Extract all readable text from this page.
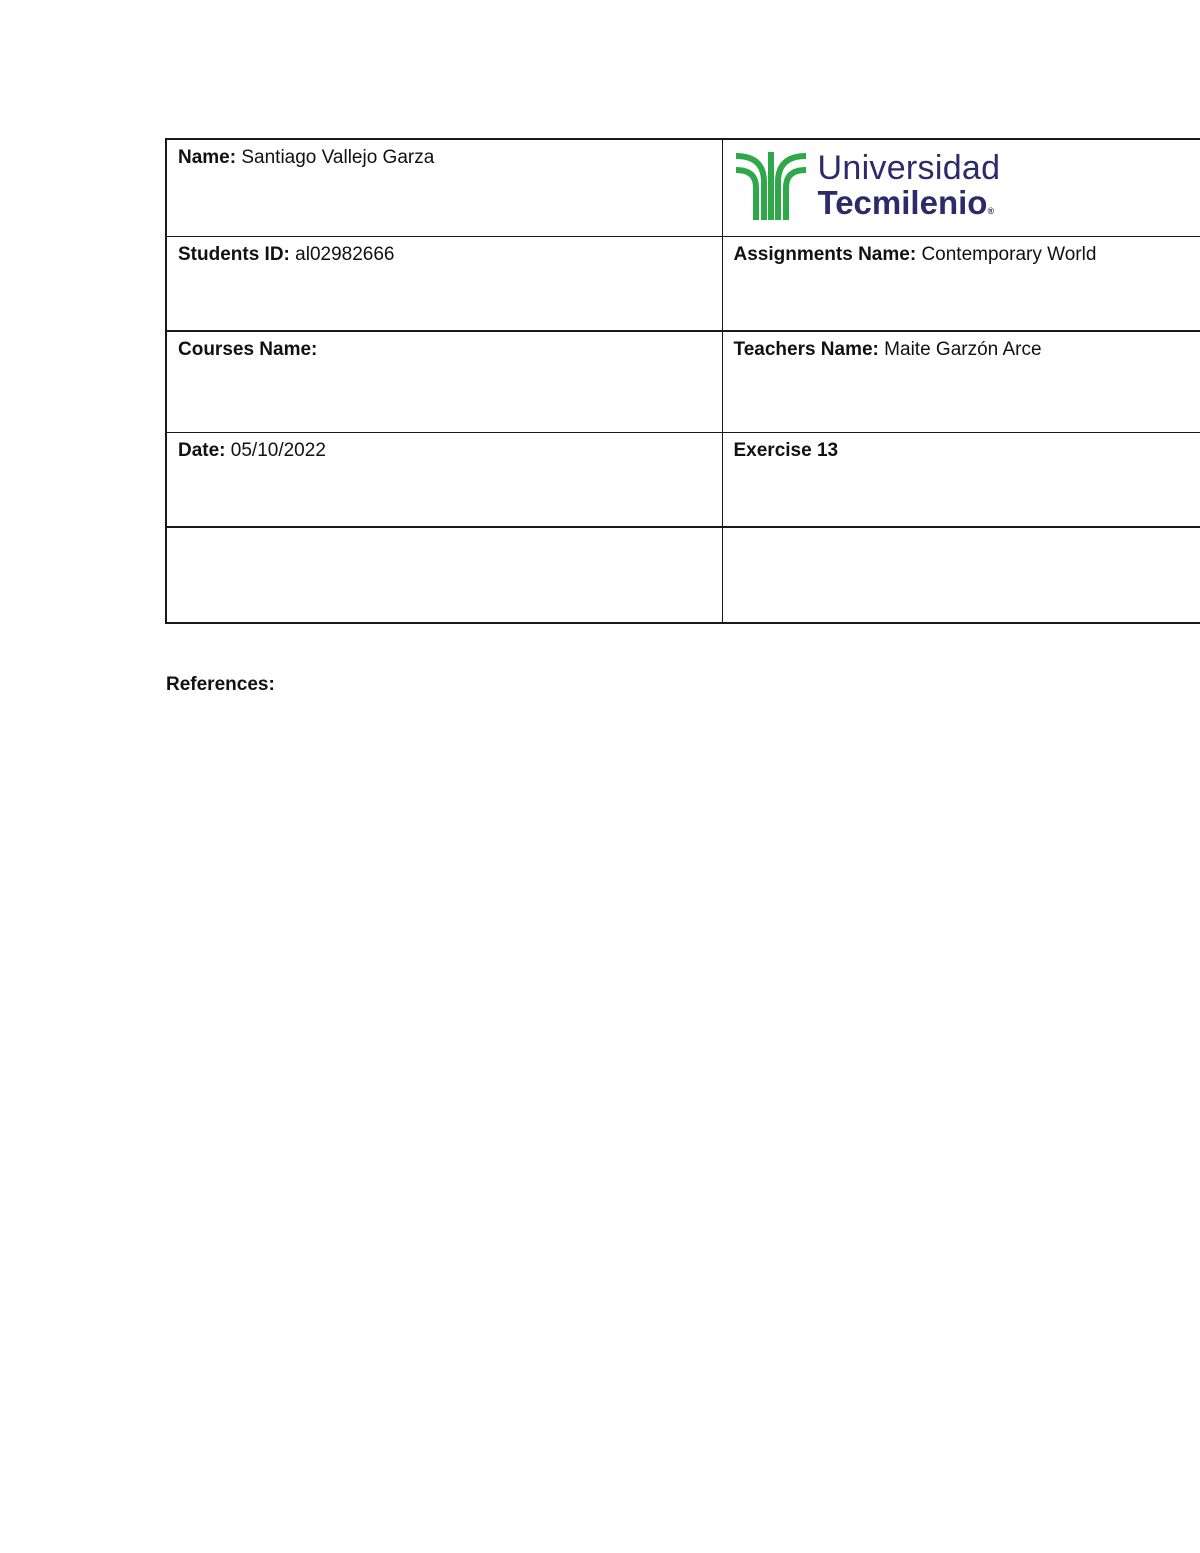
Name: Santiago Vallejo Garza	Universidad
Tecmilenio®

Students ID: al02982666	Assignments Name: Contemporary World
Courses Name:	Teachers Name: Maite Garzón Arce
Date: 05/10/2022	Exercise 13

References:
